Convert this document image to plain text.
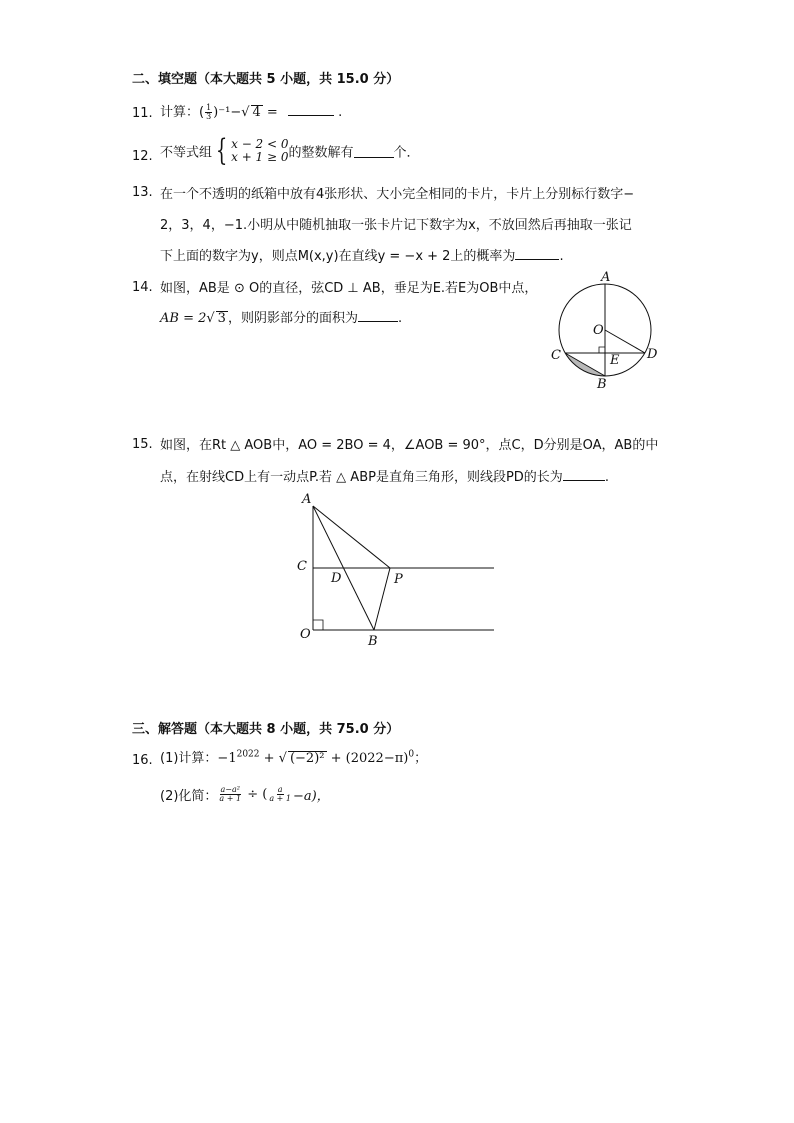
二、填空题（本大题共 5 小题，共 15.0 分）
11. 计算：( $\frac{1}{3} )^{-1}-√$ 4 =	.
12. 不等式组 { x − 2 < 0
x + 1 ≥ 0 的整数解有	个．
13. 在一个不透明的纸箱中放有4张形状、大小完全相同的卡片，卡片上分别标行数字−
2，3，4，−1.小明从中随机抽取一张卡片记下数字为x，不放回然后再抽取一张记
下上面的数字为y，则点M(x,y)在直线y = −x + 2上的概率为	.
14. 如图，AB是 ⊙ O的直径，弦CD ⊥ AB，垂足为E.若E为OB中点，
AB = 2√ 3 ，则阴影部分的面积为	.
A
O
C	D
E
B
15. 如图，在Rt △ AOB中，AO = 2BO = 4，∠AOB = 90°，点C，D分别是OA，AB的中
点，在射线CD上有一动点P.若 △ ABP是直角三角形，则线段PD的长为	.
A
C
D	P
O	B
三、解答题（本大题共 8 小题，共 75.0 分）
16. (1)计算：$-1^{2022}$ + √ $(-2)^2 + (2022-\pi)^0$；
(2)化简： $\frac{\text{a−a²}}{a + 1}$ ÷ ( $\frac{a}{a + 1} -a$)，
